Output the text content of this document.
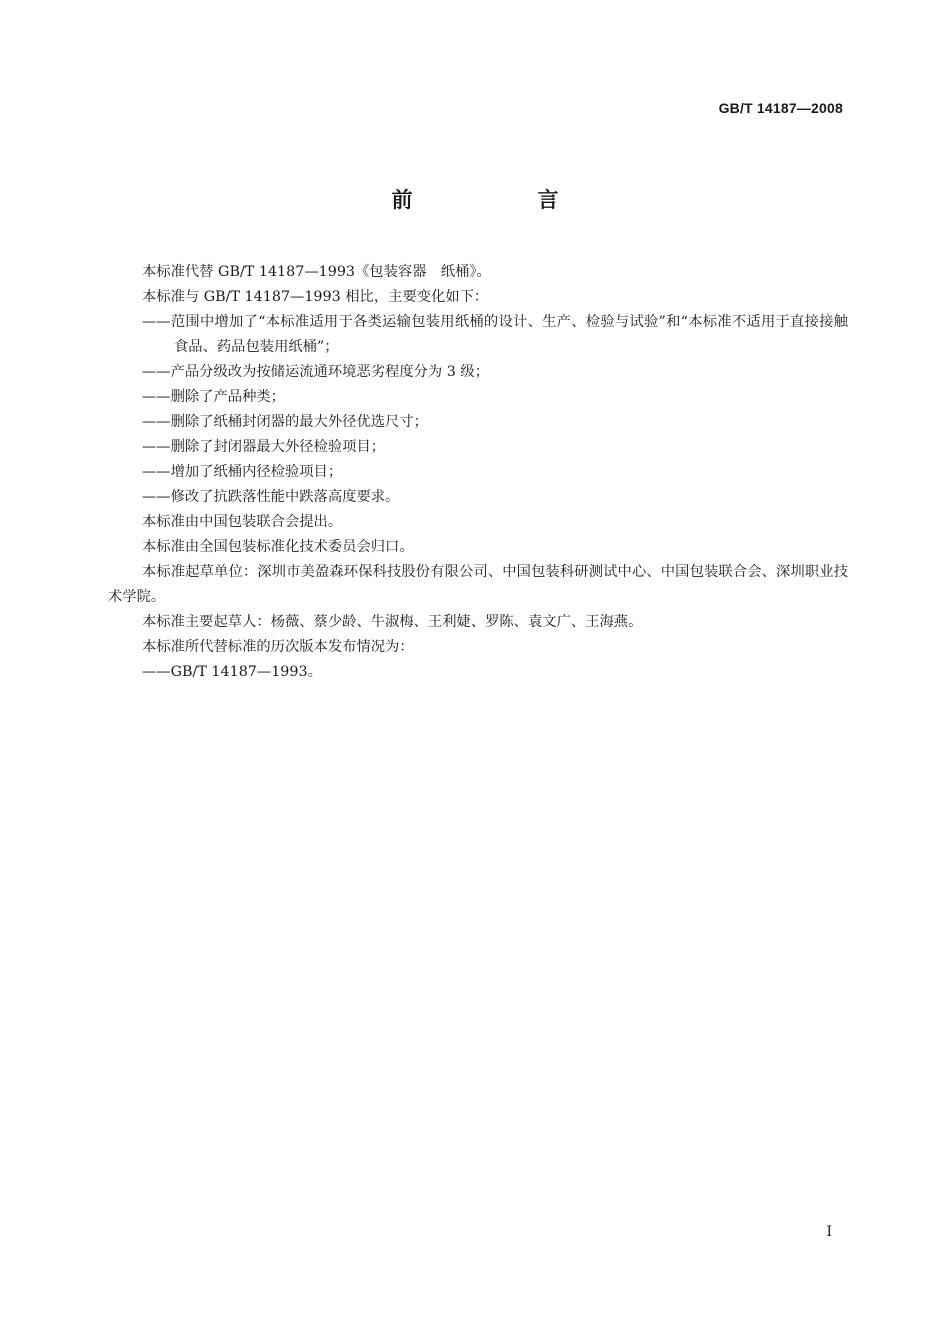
GB/T 14187—2008
前　言

本标准代替 GB/T 14187—1993《包装容器　纸桶》。

本标准与 GB/T 14187—1993 相比，主要变化如下：

——范围中增加了“本标准适用于各类运输包装用纸桶的设计、生产、检验与试验”和“本标准不适用于直接接触食品、药品包装用纸桶”；

——产品分级改为按储运流通环境恶劣程度分为 3 级；

——删除了产品种类；

——删除了纸桶封闭器的最大外径优选尺寸；

——删除了封闭器最大外径检验项目；

——增加了纸桶内径检验项目；

——修改了抗跌落性能中跌落高度要求。

本标准由中国包装联合会提出。

本标准由全国包装标准化技术委员会归口。

本标准起草单位：深圳市美盈森环保科技股份有限公司、中国包装科研测试中心、中国包装联合会、深圳职业技术学院。

本标准主要起草人：杨薇、蔡少龄、牛淑梅、王利婕、罗陈、袁文广、王海燕。

本标准所代替标准的历次版本发布情况为：

——GB/T 14187—1993。

I
